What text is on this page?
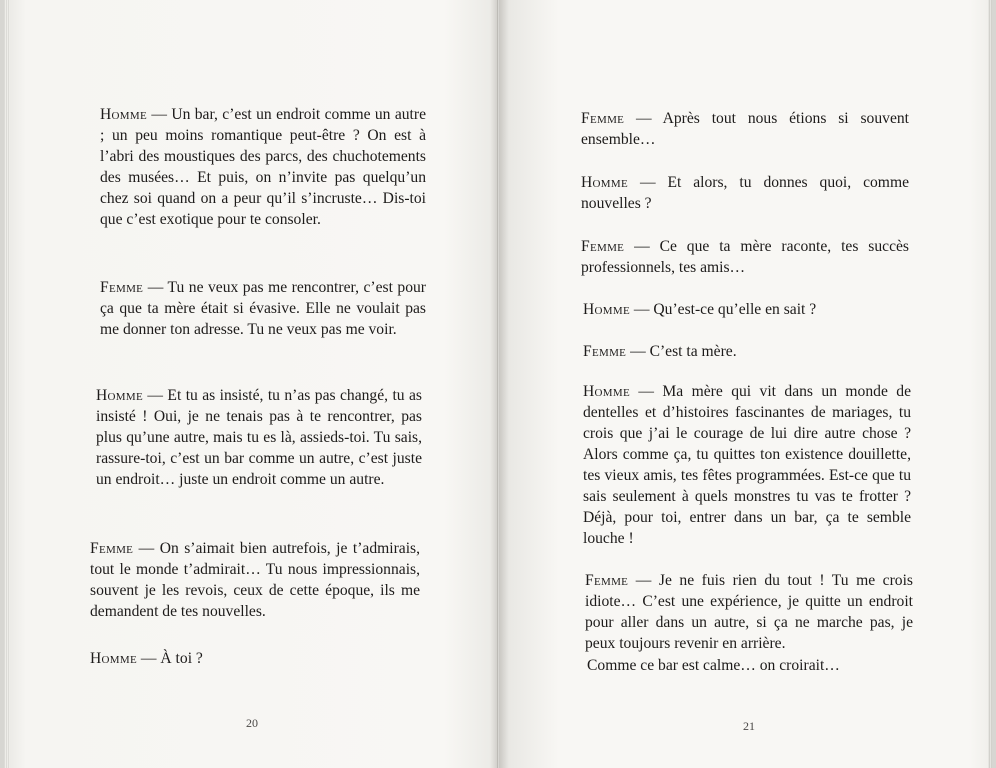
Homme — Un bar, c’est un endroit comme un autre ; un peu moins romantique peut-être ? On est à l’abri des moustiques des parcs, des chuchotements des musées… Et puis, on n’invite pas quelqu’un chez soi quand on a peur qu’il s’incruste… Dis-toi que c’est exotique pour te consoler.

Femme — Tu ne veux pas me rencontrer, c’est pour ça que ta mère était si évasive. Elle ne voulait pas me donner ton adresse. Tu ne veux pas me voir.

Homme — Et tu as insisté, tu n’as pas changé, tu as insisté ! Oui, je ne tenais pas à te rencontrer, pas plus qu’une autre, mais tu es là, assieds-toi. Tu sais, rassure-toi, c’est un bar comme un autre, c’est juste un endroit… juste un endroit comme un autre.

Femme — On s’aimait bien autrefois, je t’admirais, tout le monde t’admirait… Tu nous impressionnais, souvent je les revois, ceux de cette époque, ils me demandent de tes nouvelles.

Homme — À toi ?

20

Femme — Après tout nous étions si souvent ensemble…

Homme — Et alors, tu donnes quoi, comme nouvelles ?

Femme — Ce que ta mère raconte, tes succès professionnels, tes amis…

Homme — Qu’est-ce qu’elle en sait ?

Femme — C’est ta mère.

Homme — Ma mère qui vit dans un monde de dentelles et d’histoires fascinantes de mariages, tu crois que j’ai le courage de lui dire autre chose ? Alors comme ça, tu quittes ton existence douillette, tes vieux amis, tes fêtes programmées. Est-ce que tu sais seulement à quels monstres tu vas te frotter ? Déjà, pour toi, entrer dans un bar, ça te semble louche !

Femme — Je ne fuis rien du tout ! Tu me crois idiote… C’est une expérience, je quitte un endroit pour aller dans un autre, si ça ne marche pas, je peux toujours revenir en arrière.

Comme ce bar est calme… on croirait…

21
